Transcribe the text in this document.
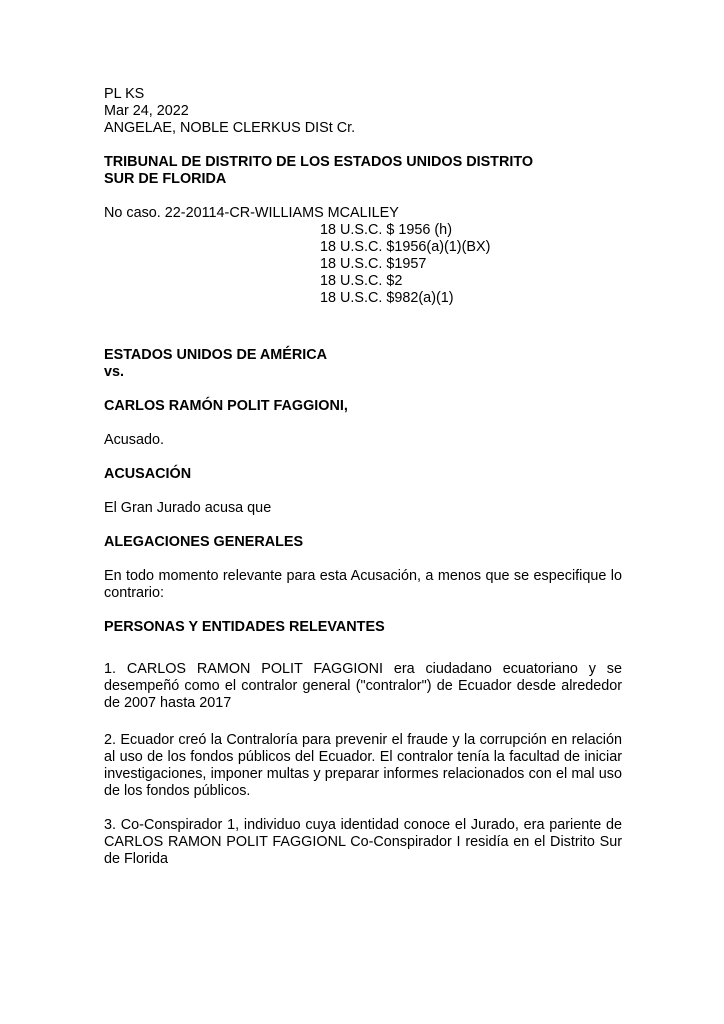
PL KS
Mar 24, 2022
ANGELAE, NOBLE CLERKUS DISt Cr.
TRIBUNAL DE DISTRITO DE LOS ESTADOS UNIDOS DISTRITO
SUR DE FLORIDA
No caso. 22-20114-CR-WILLIAMS MCALILEY
18 U.S.C. $ 1956 (h)
18 U.S.C. $1956(a)(1)(BX)
18 U.S.C. $1957
18 U.S.C. $2
18 U.S.C. $982(a)(1)
ESTADOS UNIDOS DE AMÉRICA
vs.
CARLOS RAMÓN POLIT FAGGIONI,
Acusado.
ACUSACIÓN
El Gran Jurado acusa que
ALEGACIONES GENERALES

En todo momento relevante para esta Acusación, a menos que se especifique lo contrario:

PERSONAS Y ENTIDADES RELEVANTES

1. CARLOS RAMON POLIT FAGGIONI era ciudadano ecuatoriano y se desempeñó como el contralor general ("contralor") de Ecuador desde alrededor de 2007 hasta 2017

2. Ecuador creó la Contraloría para prevenir el fraude y la corrupción en relación al uso de los fondos públicos del Ecuador. El contralor tenía la facultad de iniciar investigaciones, imponer multas y preparar informes relacionados con el mal uso de los fondos públicos.

3. Co-Conspirador 1, individuo cuya identidad conoce el Jurado, era pariente de CARLOS RAMON POLIT FAGGIONL Co-Conspirador I residía en el Distrito Sur de Florida
